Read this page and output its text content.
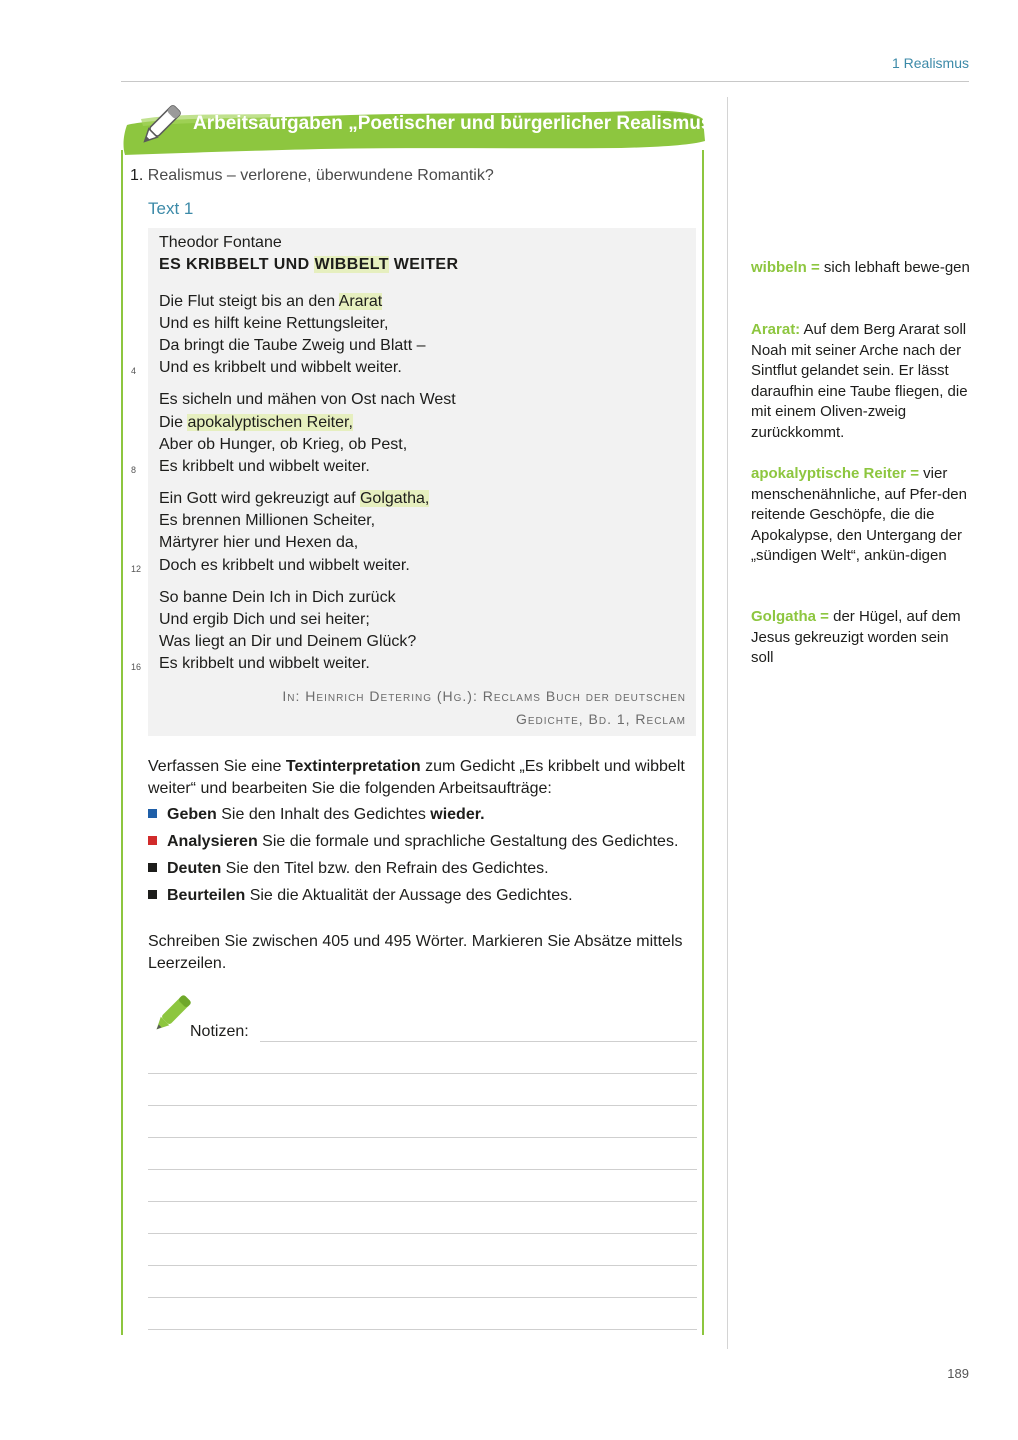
1 Realismus
Arbeitsaufgaben „Poetischer und bürgerlicher Realismus“
1. Realismus – verlorene, überwundene Romantik?
Text 1
Theodor Fontane
ES KRIBBELT UND WIBBELT WEITER
Die Flut steigt bis an den Ararat
Und es hilft keine Rettungsleiter,
Da bringt die Taube Zweig und Blatt –
Und es kribbelt und wibbelt weiter.
Es sicheln und mähen von Ost nach West
Die apokalyptischen Reiter,
Aber ob Hunger, ob Krieg, ob Pest,
Es kribbelt und wibbelt weiter.
Ein Gott wird gekreuzigt auf Golgatha,
Es brennen Millionen Scheiter,
Märtyrer hier und Hexen da,
Doch es kribbelt und wibbelt weiter.
So banne Dein Ich in Dich zurück
Und ergib Dich und sei heiter;
Was liegt an Dir und Deinem Glück?
Es kribbelt und wibbelt weiter.
4
8
12
16
In: Heinrich Detering (Hg.): Reclams Buch der deutschen
Gedichte, Bd. 1, Reclam
Verfassen Sie eine Textinterpretation zum Gedicht „Es kribbelt und wibbelt weiter“ und bearbeiten Sie die folgenden Arbeitsaufträge:
Geben Sie den Inhalt des Gedichtes wieder.
Analysieren Sie die formale und sprachliche Gestaltung des Gedichtes.
Deuten Sie den Titel bzw. den Refrain des Gedichtes.
Beurteilen Sie die Aktualität der Aussage des Gedichtes.
Schreiben Sie zwischen 405 und 495 Wörter. Markieren Sie Absätze mittels Leerzeilen.
Notizen:
wibbeln = sich lebhaft bewe-gen
Ararat: Auf dem Berg Ararat soll Noah mit seiner Arche nach der Sintflut gelandet sein. Er lässt daraufhin eine Taube fliegen, die mit einem Oliven-zweig zurückkommt.
apokalyptische Reiter = vier menschenähnliche, auf Pfer-den reitende Geschöpfe, die die Apokalypse, den Untergang der „sündigen Welt“, ankün-digen
Golgatha = der Hügel, auf dem Jesus gekreuzigt worden sein soll
189
